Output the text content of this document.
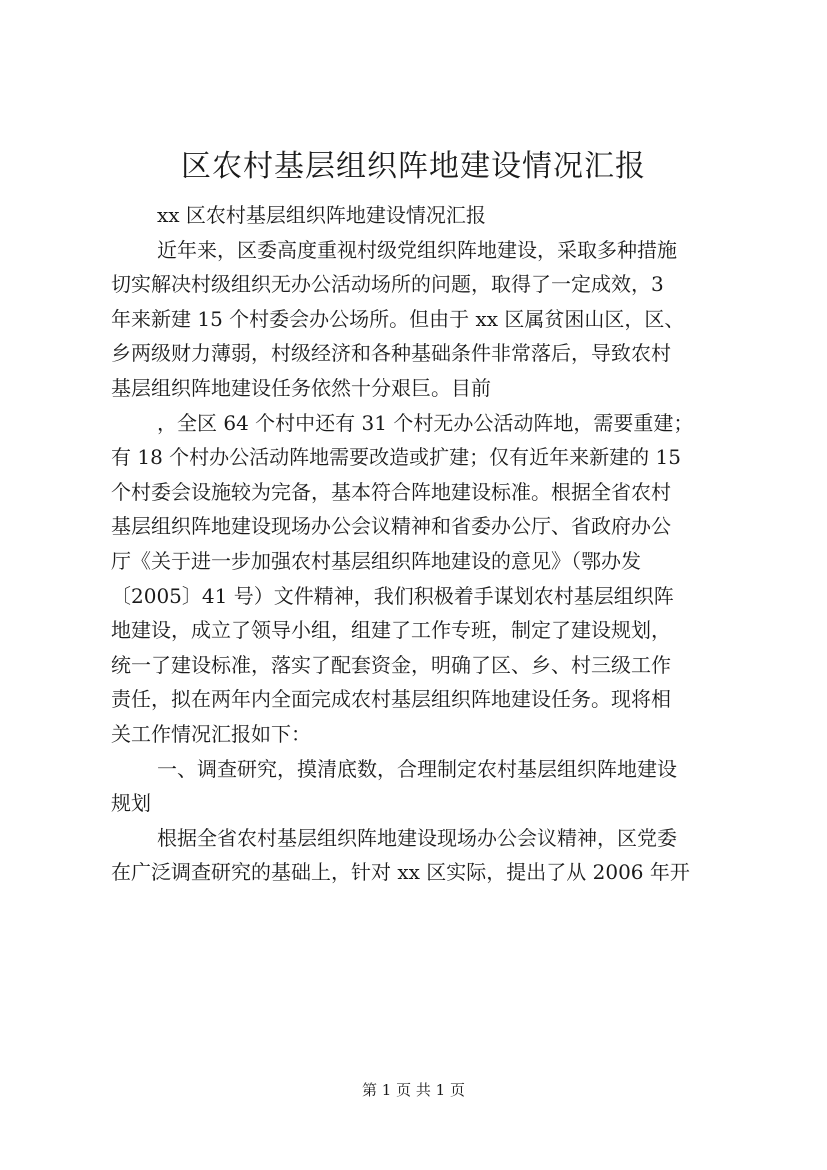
区农村基层组织阵地建设情况汇报
xx 区农村基层组织阵地建设情况汇报
近年来，区委高度重视村级党组织阵地建设，采取多种措施
切实解决村级组织无办公活动场所的问题，取得了一定成效，3
年来新建 15 个村委会办公场所。但由于 xx 区属贫困山区，区、
乡两级财力薄弱，村级经济和各种基础条件非常落后，导致农村
基层组织阵地建设任务依然十分艰巨。目前
，全区 64 个村中还有 31 个村无办公活动阵地，需要重建；
有 18 个村办公活动阵地需要改造或扩建；仅有近年来新建的 15
个村委会设施较为完备，基本符合阵地建设标准。根据全省农村
基层组织阵地建设现场办公会议精神和省委办公厅、省政府办公
厅《关于进一步加强农村基层组织阵地建设的意见》（鄂办发
〔2005〕41 号）文件精神，我们积极着手谋划农村基层组织阵
地建设，成立了领导小组，组建了工作专班，制定了建设规划，
统一了建设标准，落实了配套资金，明确了区、乡、村三级工作
责任，拟在两年内全面完成农村基层组织阵地建设任务。现将相
关工作情况汇报如下：
一、调查研究，摸清底数，合理制定农村基层组织阵地建设
规划
根据全省农村基层组织阵地建设现场办公会议精神，区党委
在广泛调查研究的基础上，针对 xx 区实际，提出了从 2006 年开
第 1 页 共 1 页
